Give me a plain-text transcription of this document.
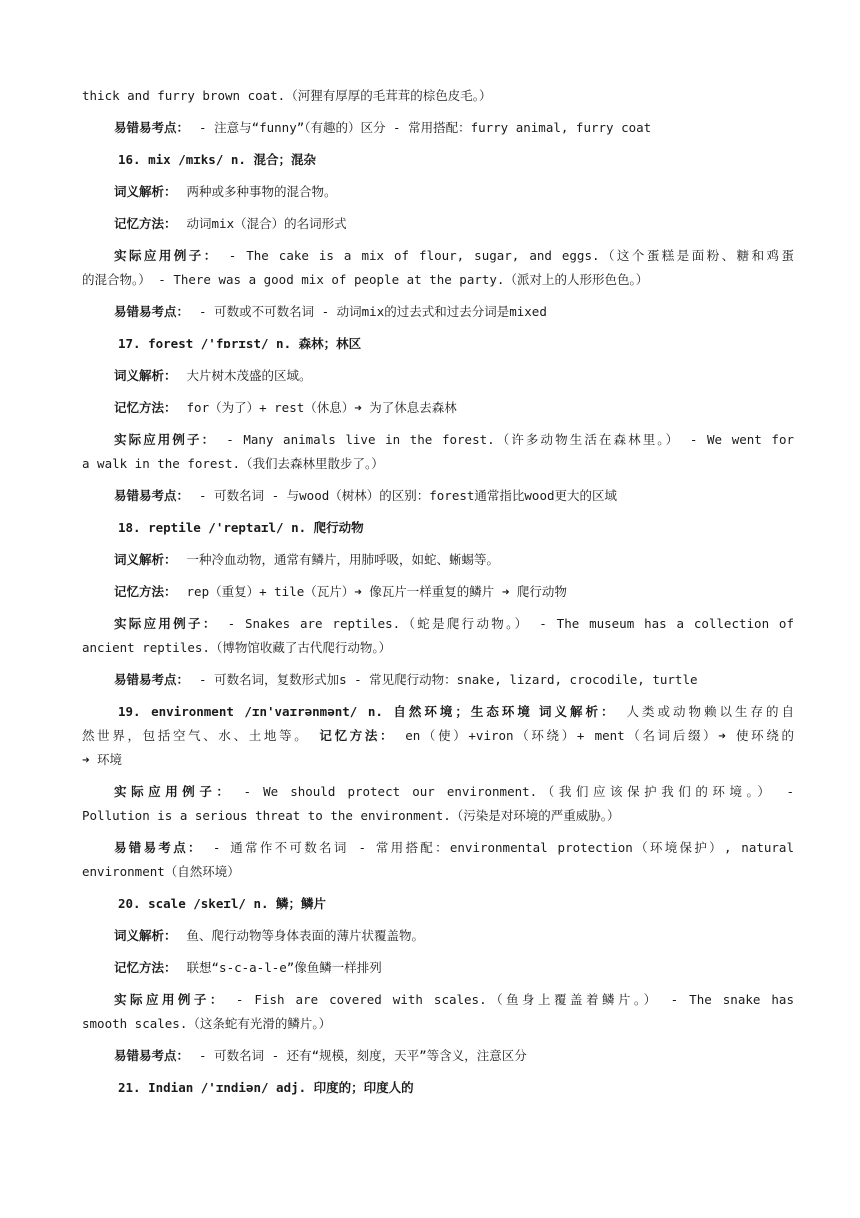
thick and furry brown coat.（河狸有厚厚的毛茸茸的棕色皮毛。）
易错易考点： - 注意与“funny”（有趣的）区分 - 常用搭配：furry animal, furry coat
16. mix /mɪks/ n. 混合；混杂
词义解析： 两种或多种事物的混合物。
记忆方法： 动词mix（混合）的名词形式
实际应用例子： - The cake is a mix of flour, sugar, and eggs.（这个蛋糕是面粉、糖和鸡蛋
的混合物。） - There was a good mix of people at the party.（派对上的人形形色色。）
易错易考点： - 可数或不可数名词 - 动词mix的过去式和过去分词是mixed
17. forest /'fɒrɪst/ n. 森林；林区
词义解析： 大片树木茂盛的区域。
记忆方法： for（为了）+ rest（休息）➜ 为了休息去森林
实际应用例子： - Many animals live in the forest.（许多动物生活在森林里。） - We went for
a walk in the forest.（我们去森林里散步了。）
易错易考点： - 可数名词 - 与wood（树林）的区别：forest通常指比wood更大的区域
18. reptile /'reptaɪl/ n. 爬行动物
词义解析： 一种冷血动物，通常有鳞片，用肺呼吸，如蛇、蜥蜴等。
记忆方法： rep（重复）+ tile（瓦片）➜ 像瓦片一样重复的鳞片 ➜ 爬行动物
实际应用例子： - Snakes are reptiles.（蛇是爬行动物。） - The museum has a collection of
ancient reptiles.（博物馆收藏了古代爬行动物。）
易错易考点： - 可数名词，复数形式加s - 常见爬行动物：snake, lizard, crocodile, turtle
19. environment /ɪn'vaɪrənmənt/ n. 自然环境；生态环境 词义解析： 人类或动物赖以生存的自
然世界，包括空气、水、土地等。 记忆方法： en（使）+viron（环绕）+ ment（名词后缀）➜ 使环绕的
➜ 环境
实际应用例子： - We should protect our environment.（我们应该保护我们的环境。） -
Pollution is a serious threat to the environment.（污染是对环境的严重威胁。）
易错易考点： - 通常作不可数名词 - 常用搭配：environmental protection（环境保护）, natural
environment（自然环境）
20. scale /skeɪl/ n. 鳞；鳞片
词义解析： 鱼、爬行动物等身体表面的薄片状覆盖物。
记忆方法： 联想“s-c-a-l-e”像鱼鳞一样排列
实际应用例子： - Fish are covered with scales.（鱼身上覆盖着鳞片。） - The snake has
smooth scales.（这条蛇有光滑的鳞片。）
易错易考点： - 可数名词 - 还有“规模，刻度，天平”等含义，注意区分
21. Indian /'ɪndiən/ adj. 印度的；印度人的
